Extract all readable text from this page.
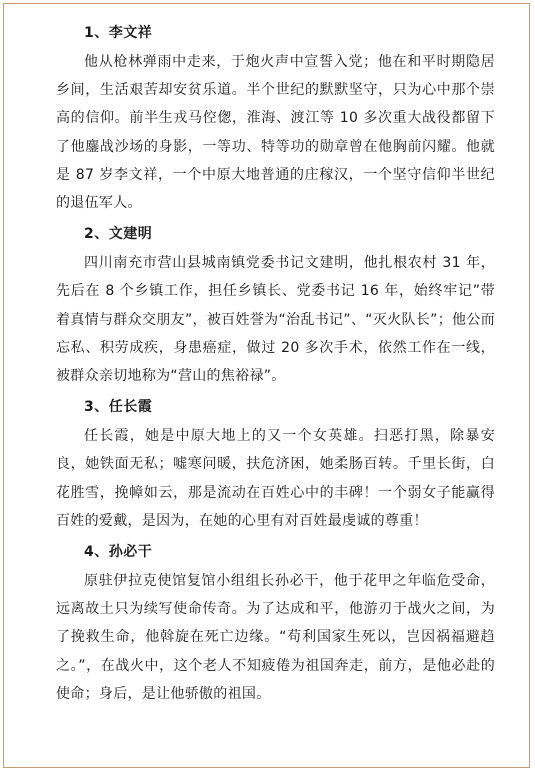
1、李文祥

他从枪林弹雨中走来，于炮火声中宣誓入党；他在和平时期隐居乡间，生活艰苦却安贫乐道。半个世纪的默默坚守，只为心中那个崇高的信仰。前半生戎马倥偬，淮海、渡江等 10 多次重大战役都留下了他鏖战沙场的身影，一等功、特等功的勋章曾在他胸前闪耀。他就是 87 岁李文祥，一个中原大地普通的庄稼汉，一个坚守信仰半世纪的退伍军人。

2、文建明

四川南充市营山县城南镇党委书记文建明，他扎根农村 31 年，先后在 8 个乡镇工作，担任乡镇长、党委书记 16 年，始终牢记”带着真情与群众交朋友”，被百姓誉为“治乱书记”、“灭火队长”；他公而忘私、积劳成疾，身患癌症，做过 20 多次手术，依然工作在一线，被群众亲切地称为“营山的焦裕禄”。

3、任长霞

任长霞，她是中原大地上的又一个女英雄。扫恶打黑，除暴安良，她铁面无私；嘘寒问暖，扶危济困，她柔肠百转。千里长街，白花胜雪，挽幛如云，那是流动在百姓心中的丰碑！一个弱女子能赢得百姓的爱戴，是因为，在她的心里有对百姓最虔诚的尊重！

4、孙必干

原驻伊拉克使馆复馆小组组长孙必干，他于花甲之年临危受命，远离故土只为续写使命传奇。为了达成和平，他游刃于战火之间，为了挽救生命，他斡旋在死亡边缘。“苟利国家生死以，岂因祸福避趋之。”，在战火中，这个老人不知疲倦为祖国奔走，前方，是他必赴的使命；身后，是让他骄傲的祖国。
